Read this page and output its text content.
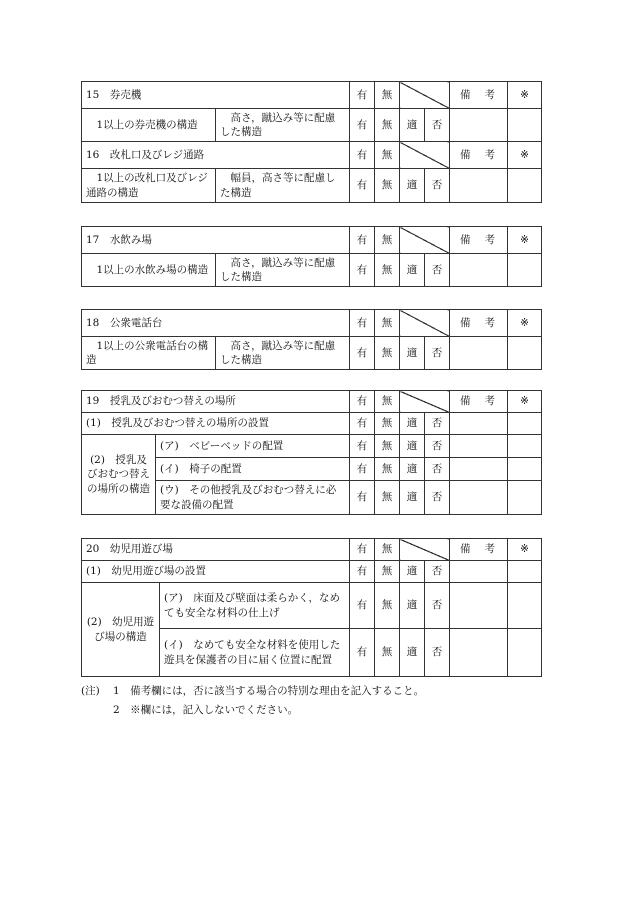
15　券売機		有	無			備 考	※
1以上の券売機の構造	高さ，蹴込み等に配慮した構造	有	無	適	否		
16　改札口及びレジ通路		有	無			備 考	※
1以上の改札口及びレジ通路の構造	幅員，高さ等に配慮した構造	有	無	適	否		
17　水飲み場		有	無			備 考	※
1以上の水飲み場の構造	高さ，蹴込み等に配慮した構造	有	無	適	否		
18　公衆電話台		有	無			備 考	※
1以上の公衆電話台の構造	高さ，蹴込み等に配慮した構造	有	無	適	否		
19　授乳及びおむつ替えの場所		有	無			備 考	※
(1)　授乳及びおむつ替えの場所の設置		有	無	適	否		
(2)　授乳及びおむつ替えの場所の構造	(ア)　ベビーベッドの配置	有	無	適	否		
	(イ)　椅子の配置	有	無	適	否		
	(ウ)　その他授乳及びおむつ替えに必要な設備の配置	有	無	適	否		
20　幼児用遊び場		有	無			備 考	※
(1)　幼児用遊び場の設置		有	無	適	否		
(2)　幼児用遊び場の構造	(ア)　床面及び壁面は柔らかく，なめても安全な材料の仕上げ	有	無	適	否		
	(イ)　なめても安全な材料を使用した遊具を保護者の目に届く位置に配置	有	無	適	否		
(注)	1　備考欄には，否に該当する場合の特別な理由を記入すること。
2　※欄には，記入しないでください。
